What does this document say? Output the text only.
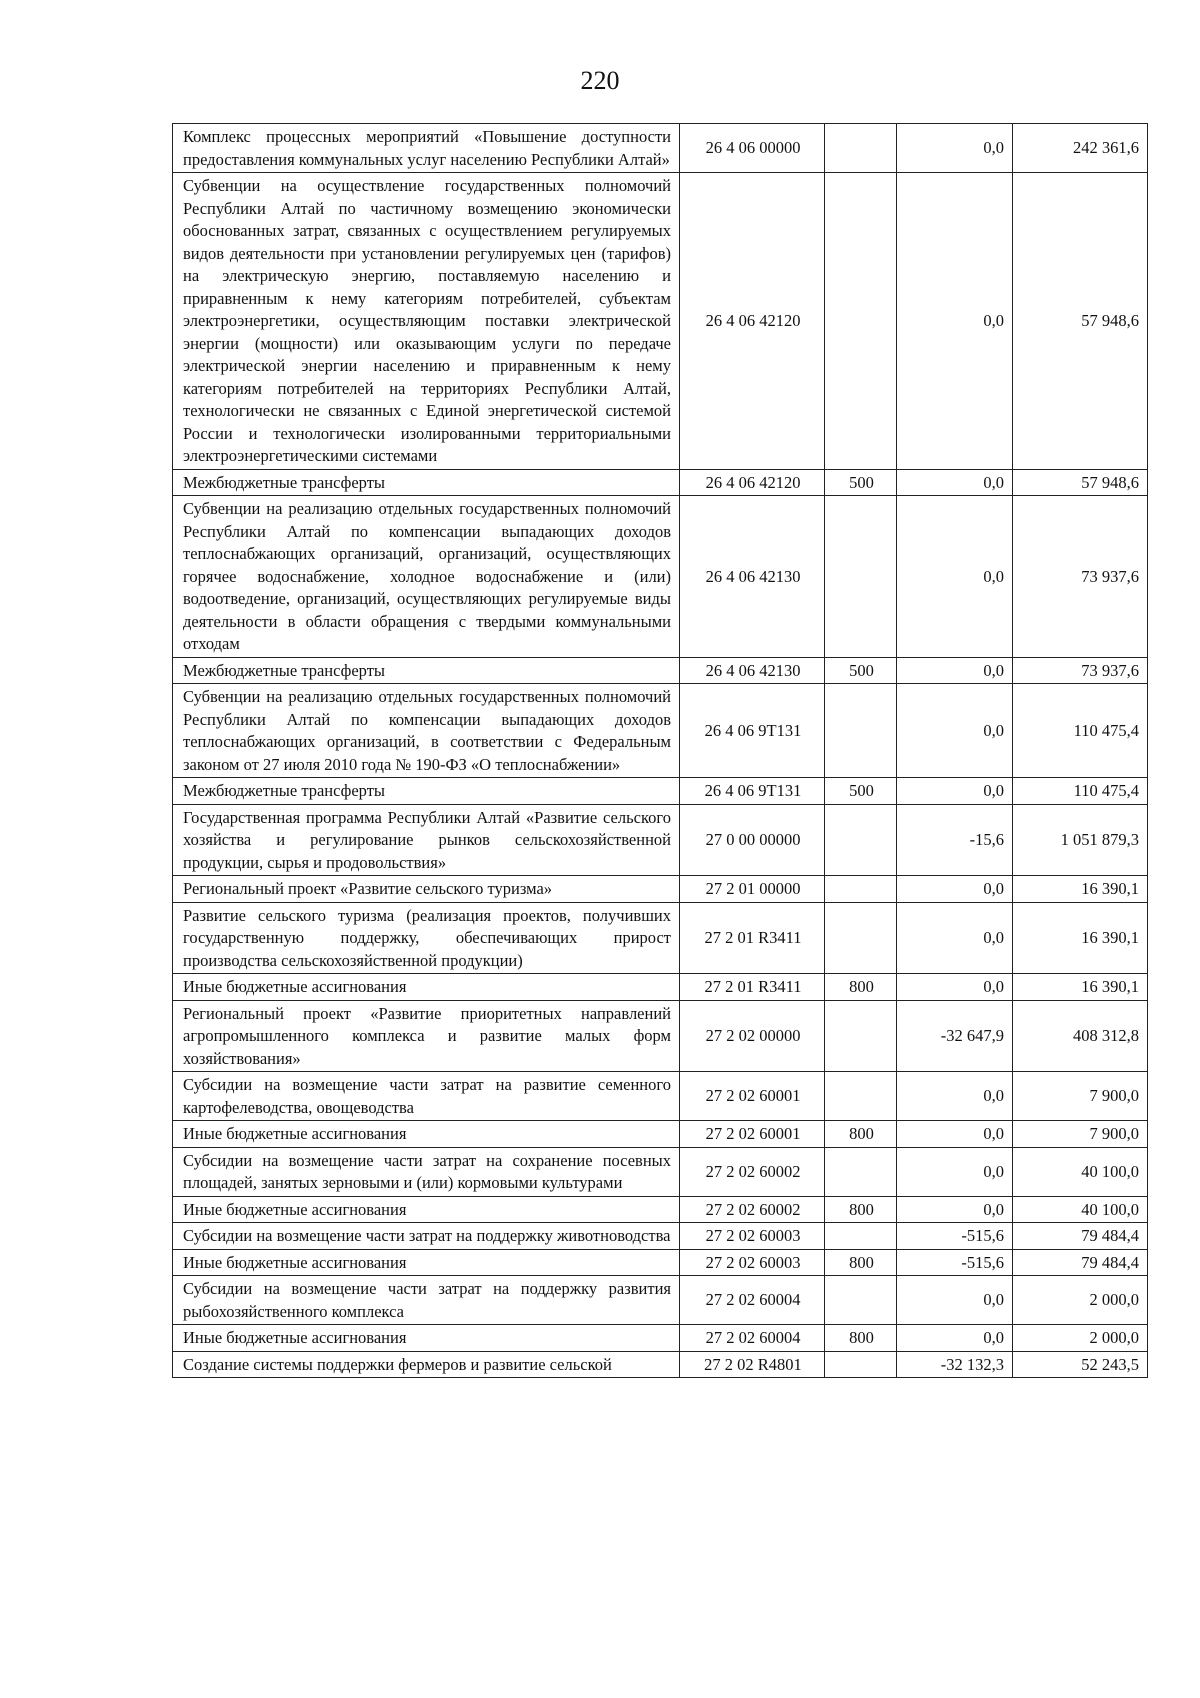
220
Комплекс процессных мероприятий «Повышение доступности предоставления коммунальных услуг населению Республики Алтай»	26 4 06 00000		0,0	242 361,6
Субвенции на осуществление государственных полномочий Республики Алтай по частичному возмещению экономически обоснованных затрат, связанных с осуществлением регулируемых видов деятельности при установлении регулируемых цен (тарифов) на электрическую энергию, поставляемую населению и приравненным к нему категориям потребителей, субъектам электроэнергетики, осуществляющим поставки электрической энергии (мощности) или оказывающим услуги по передаче электрической энергии населению и приравненным к нему категориям потребителей на территориях Республики Алтай, технологически не связанных с Единой энергетической системой России и технологически изолированными территориальными электроэнергетическими системами	26 4 06 42120		0,0	57 948,6
Межбюджетные трансферты	26 4 06 42120	500	0,0	57 948,6
Субвенции на реализацию отдельных государственных полномочий Республики Алтай по компенсации выпадающих доходов теплоснабжающих организаций, организаций, осуществляющих горячее водоснабжение, холодное водоснабжение и (или) водоотведение, организаций, осуществляющих регулируемые виды деятельности в области обращения с твердыми коммунальными отходам	26 4 06 42130		0,0	73 937,6
Межбюджетные трансферты	26 4 06 42130	500	0,0	73 937,6
Субвенции на реализацию отдельных государственных полномочий Республики Алтай по компенсации выпадающих доходов теплоснабжающих организаций, в соответствии с Федеральным законом от 27 июля 2010 года № 190-ФЗ «О теплоснабжении»	26 4 06 9Т131		0,0	110 475,4
Межбюджетные трансферты	26 4 06 9Т131	500	0,0	110 475,4
Государственная программа Республики Алтай «Развитие сельского хозяйства и регулирование рынков сельскохозяйственной продукции, сырья и продовольствия»	27 0 00 00000		-15,6	1 051 879,3
Региональный проект «Развитие сельского туризма»	27 2 01 00000		0,0	16 390,1
Развитие сельского туризма (реализация проектов, получивших государственную поддержку, обеспечивающих прирост производства сельскохозяйственной продукции)	27 2 01 R3411		0,0	16 390,1
Иные бюджетные ассигнования	27 2 01 R3411	800	0,0	16 390,1
Региональный проект «Развитие приоритетных направлений агропромышленного комплекса и развитие малых форм хозяйствования»	27 2 02 00000		-32 647,9	408 312,8
Субсидии на возмещение части затрат на развитие семенного картофелеводства, овощеводства	27 2 02 60001		0,0	7 900,0
Иные бюджетные ассигнования	27 2 02 60001	800	0,0	7 900,0
Субсидии на возмещение части затрат на сохранение посевных площадей, занятых зерновыми и (или) кормовыми культурами	27 2 02 60002		0,0	40 100,0
Иные бюджетные ассигнования	27 2 02 60002	800	0,0	40 100,0
Субсидии на возмещение части затрат на поддержку животноводства	27 2 02 60003		-515,6	79 484,4
Иные бюджетные ассигнования	27 2 02 60003	800	-515,6	79 484,4
Субсидии на возмещение части затрат на поддержку развития рыбохозяйственного комплекса	27 2 02 60004		0,0	2 000,0
Иные бюджетные ассигнования	27 2 02 60004	800	0,0	2 000,0
Создание системы поддержки фермеров и развитие сельской	27 2 02 R4801		-32 132,3	52 243,5
